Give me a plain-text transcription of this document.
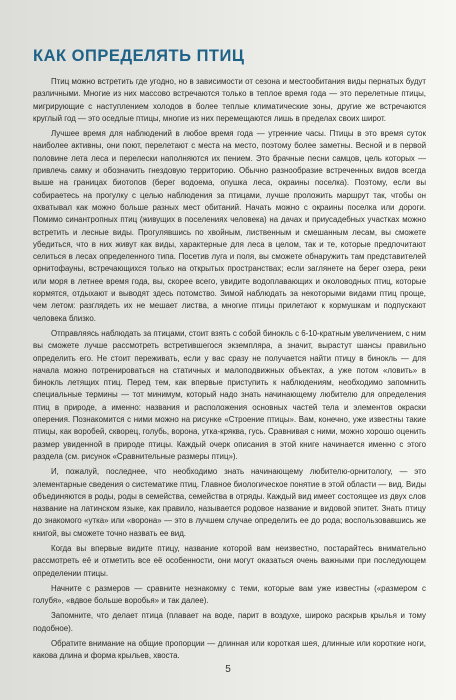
КАК ОПРЕДЕЛЯТЬ ПТИЦ

Птиц можно встретить где угодно, но в зависимости от сезона и местообитания виды пернатых будут различными. Многие из них массово встречаются только в теплое время года — это перелетные птицы, мигрирующие с наступлением холодов в более теплые климатические зоны, другие же встречаются круглый год — это оседлые птицы, многие из них перемещаются лишь в пределах своих широт.

Лучшее время для наблюдений в любое время года — утренние часы. Птицы в это время суток наиболее активны, они поют, перелетают с места на место, поэтому более заметны. Весной и в первой половине лета леса и перелески наполняются их пением. Это брачные песни самцов, цель которых — привлечь самку и обозначить гнездовую территорию. Обычно разнообразие встреченных видов всегда выше на границах биотопов (берег водоема, опушка леса, окраины поселка). Поэтому, если вы собираетесь на прогулку с целью наблюдения за птицами, лучше проложить маршрут так, чтобы он охватывал как можно больше разных мест обитаний. Начать можно с окраины поселка или дороги. Помимо синантропных птиц (живущих в поселениях человека) на дачах и приусадебных участках можно встретить и лесные виды. Прогулявшись по хвойным, лиственным и смешанным лесам, вы сможете убедиться, что в них живут как виды, характерные для леса в целом, так и те, которые предпочитают селиться в лесах определенного типа. Посетив луга и поля, вы сможете обнаружить там представителей орнитофауны, встречающихся только на открытых пространствах; если заглянете на берег озера, реки или моря в летнее время года, вы, скорее всего, увидите водоплавающих и околоводных птиц, которые кормятся, отдыхают и выводят здесь потомство. Зимой наблюдать за некоторыми видами птиц проще, чем летом: разглядеть их не мешает листва, а многие птицы прилетают к кормушкам и подпускают человека близко.

Отправляясь наблюдать за птицами, стоит взять с собой бинокль с 6-10-кратным увеличением, с ним вы сможете лучше рассмотреть встретившегося экземпляра, а значит, вырастут шансы правильно определить его. Не стоит переживать, если у вас сразу не получается найти птицу в бинокль — для начала можно потренироваться на статичных и малоподвижных объектах, а уже потом «ловить» в бинокль летящих птиц. Перед тем, как впервые приступить к наблюдениям, необходимо запомнить специальные термины — тот минимум, который надо знать начинающему любителю для определения птиц в природе, а именно: названия и расположения основных частей тела и элементов окраски оперения. Познакомится с ними можно на рисунке «Строение птицы». Вам, конечно, уже известны такие птицы, как воробей, скворец, голубь, ворона, утка-кряква, гусь. Сравнивая с ними, можно хорошо оценить размер увиденной в природе птицы. Каждый очерк описания в этой книге начинается именно с этого раздела (см. рисунок «Сравнительные размеры птиц»).

И, пожалуй, последнее, что необходимо знать начинающему любителю-орнитологу, — это элементарные сведения о систематике птиц. Главное биологическое понятие в этой области — вид. Виды объединяются в роды, роды в семейства, семейства в отряды. Каждый вид имеет состоящее из двух слов название на латинском языке, как правило, называется родовое название и видовой эпитет. Знать птицу до знакомого «утка» или «ворона» — это в лучшем случае определить ее до рода; воспользовавшись же книгой, вы сможете точно назвать ее вид.

Когда вы впервые видите птицу, название которой вам неизвестно, постарайтесь внимательно рассмотреть её и отметить все её особенности, они могут оказаться очень важными при последующем определении птицы.

Начните с размеров — сравните незнакомку с теми, которые вам уже известны («размером с голубя», «вдвое больше воробья» и так далее).

Запомните, что делает птица (плавает на воде, парит в воздухе, широко раскрыв крылья и тому подобное).

Обратите внимание на общие пропорции — длинная или короткая шея, длинные или короткие ноги, какова длина и форма крыльев, хвоста.

5
